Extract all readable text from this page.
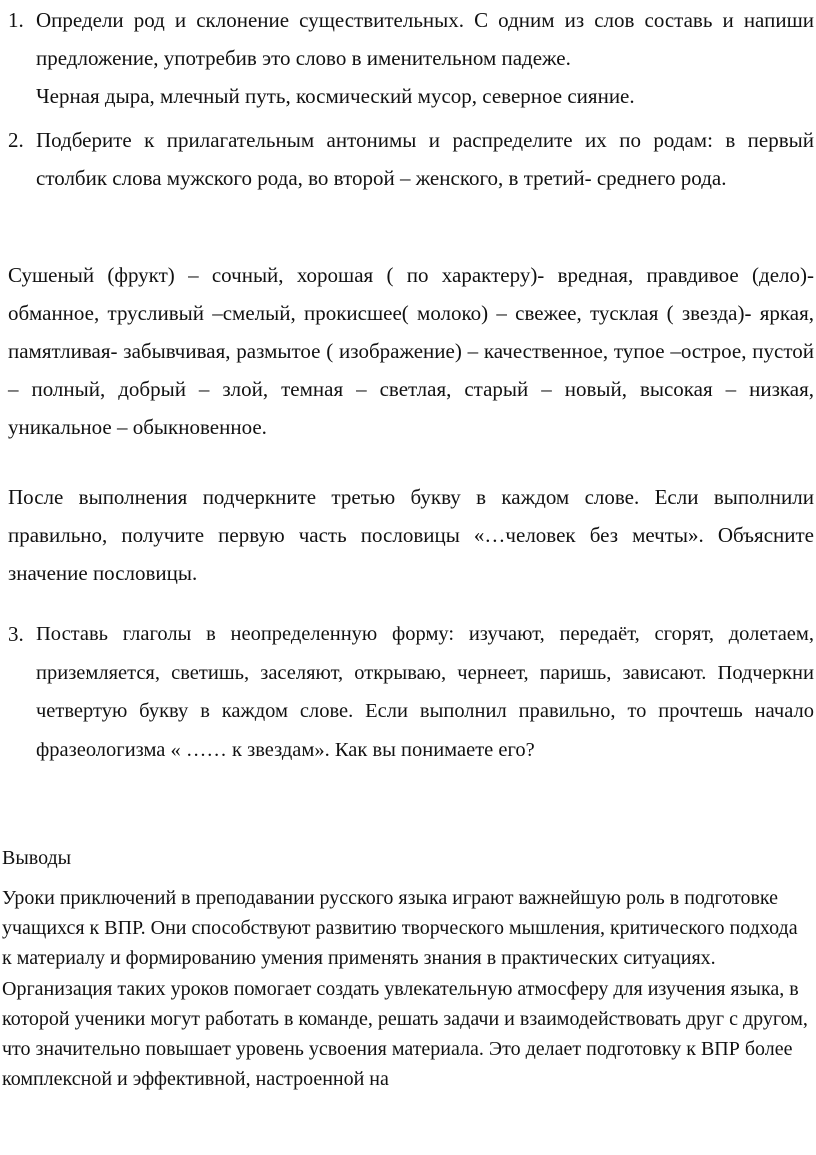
1. Определи род и склонение существительных. С одним из слов составь и напиши предложение, употребив это слово в именительном падеже.

Черная дыра, млечный путь, космический мусор, северное сияние.

2. Подберите к прилагательным антонимы и распределите их по родам: в первый столбик слова мужского рода, во второй – женского, в третий- среднего рода.

Сушеный (фрукт) – сочный, хорошая ( по характеру)- вредная, правдивое (дело)- обманное, трусливый –смелый, прокисшее( молоко) – свежее, тусклая ( звезда)- яркая, памятливая- забывчивая, размытое ( изображение) – качественное, тупое –острое, пустой – полный, добрый – злой, темная – светлая, старый – новый, высокая – низкая, уникальное – обыкновенное.

После выполнения подчеркните третью букву в каждом слове. Если выполнили правильно, получите первую часть пословицы «…человек без мечты». Объясните значение пословицы.

3. Поставь глаголы в неопределенную форму: изучают, передаёт, сгорят, долетаем, приземляется, светишь, заселяют, открываю, чернеет, паришь, зависают. Подчеркни четвертую букву в каждом слове. Если выполнил правильно, то прочтешь начало фразеологизма « …… к звездам». Как вы понимаете его?

Выводы

Уроки приключений в преподавании русского языка играют важнейшую роль в подготовке учащихся к ВПР. Они способствуют развитию творческого мышления, критического подхода к материалу и формированию умения применять знания в практических ситуациях. Организация таких уроков помогает создать увлекательную атмосферу для изучения языка, в которой ученики могут работать в команде, решать задачи и взаимодействовать друг с другом, что значительно повышает уровень усвоения материала. Это делает подготовку к ВПР более комплексной и эффективной, настроенной на
